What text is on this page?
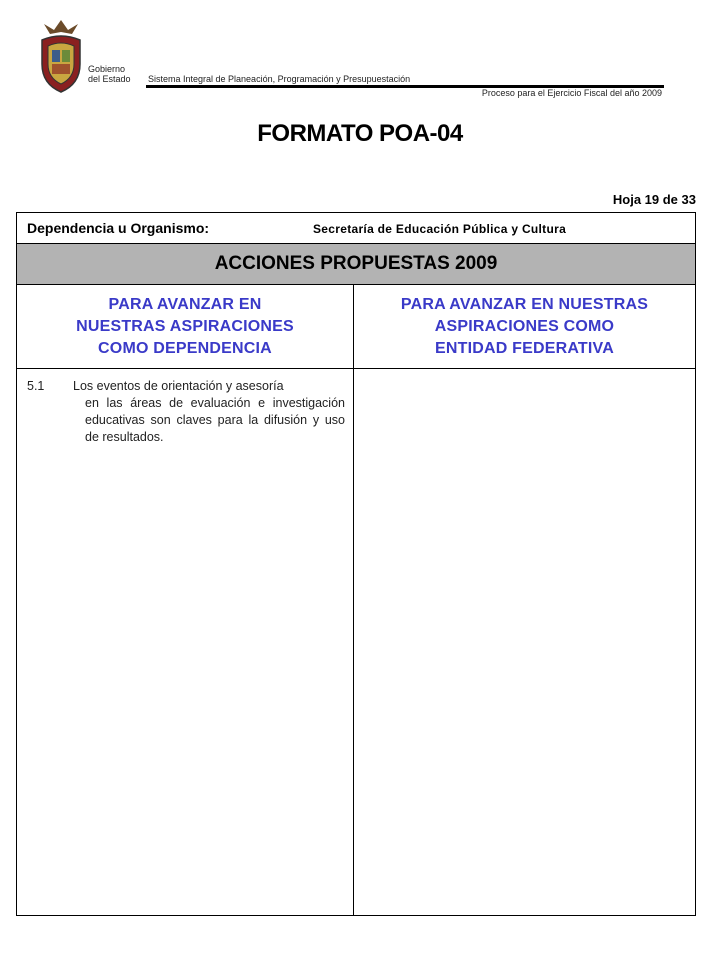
Gobierno
del Estado Sistema Integral de Planeación, Programación y Presupuestación
Proceso para el Ejercicio Fiscal del año 2009
FORMATO POA-04
Hoja 19 de 33
Dependencia u Organismo:	Secretaría de Educación Pública y Cultura
ACCIONES PROPUESTAS 2009
PARA AVANZAR EN
NUESTRAS ASPIRACIONES
COMO DEPENDENCIA
5.1 Los eventos de orientación y asesoría
en las áreas de evaluación e investigación educativas son claves para la difusión y uso de resultados.
PARA AVANZAR EN NUESTRAS
ASPIRACIONES COMO
ENTIDAD FEDERATIVA
